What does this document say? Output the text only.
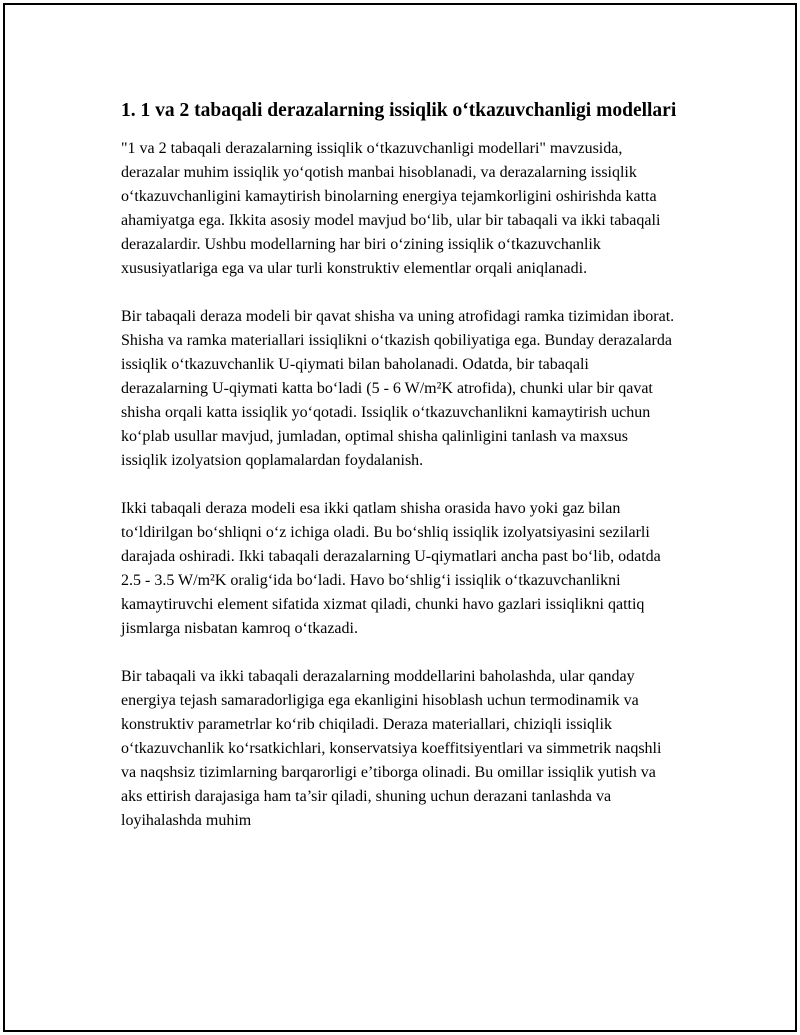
1. 1 va 2 tabaqali derazalarning issiqlik o‘tkazuvchanligi modellari

"1 va 2 tabaqali derazalarning issiqlik o‘tkazuvchanligi modellari" mavzusida, derazalar muhim issiqlik yo‘qotish manbai hisoblanadi, va derazalarning issiqlik o‘tkazuvchanligini kamaytirish binolarning energiya tejamkorligini oshirishda katta ahamiyatga ega. Ikkita asosiy model mavjud bo‘lib, ular bir tabaqali va ikki tabaqali derazalardir. Ushbu modellarning har biri o‘zining issiqlik o‘tkazuvchanlik xususiyatlariga ega va ular turli konstruktiv elementlar orqali aniqlanadi.

Bir tabaqali deraza modeli bir qavat shisha va uning atrofidagi ramka tizimidan iborat. Shisha va ramka materiallari issiqlikni o‘tkazish qobiliyatiga ega. Bunday derazalarda issiqlik o‘tkazuvchanlik U-qiymati bilan baholanadi. Odatda, bir tabaqali derazalarning U-qiymati katta bo‘ladi (5 - 6 W/m²K atrofida), chunki ular bir qavat shisha orqali katta issiqlik yo‘qotadi. Issiqlik o‘tkazuvchanlikni kamaytirish uchun ko‘plab usullar mavjud, jumladan, optimal shisha qalinligini tanlash va maxsus issiqlik izolyatsion qoplamalardan foydalanish.

Ikki tabaqali deraza modeli esa ikki qatlam shisha orasida havo yoki gaz bilan to‘ldirilgan bo‘shliqni o‘z ichiga oladi. Bu bo‘shliq issiqlik izolyatsiyasini sezilarli darajada oshiradi. Ikki tabaqali derazalarning U-qiymatlari ancha past bo‘lib, odatda 2.5 - 3.5 W/m²K oralig‘ida bo‘ladi. Havo bo‘shlig‘i issiqlik o‘tkazuvchanlikni kamaytiruvchi element sifatida xizmat qiladi, chunki havo gazlari issiqlikni qattiq jismlarga nisbatan kamroq o‘tkazadi.

Bir tabaqali va ikki tabaqali derazalarning moddellarini baholashda, ular qanday energiya tejash samaradorligiga ega ekanligini hisoblash uchun termodinamik va konstruktiv parametrlar ko‘rib chiqiladi. Deraza materiallari, chiziqli issiqlik o‘tkazuvchanlik ko‘rsatkichlari, konservatsiya koeffitsiyentlari va simmetrik naqshli va naqshsiz tizimlarning barqarorligi e’tiborga olinadi. Bu omillar issiqlik yutish va aks ettirish darajasiga ham ta’sir qiladi, shuning uchun derazani tanlashda va loyihalashda muhim
